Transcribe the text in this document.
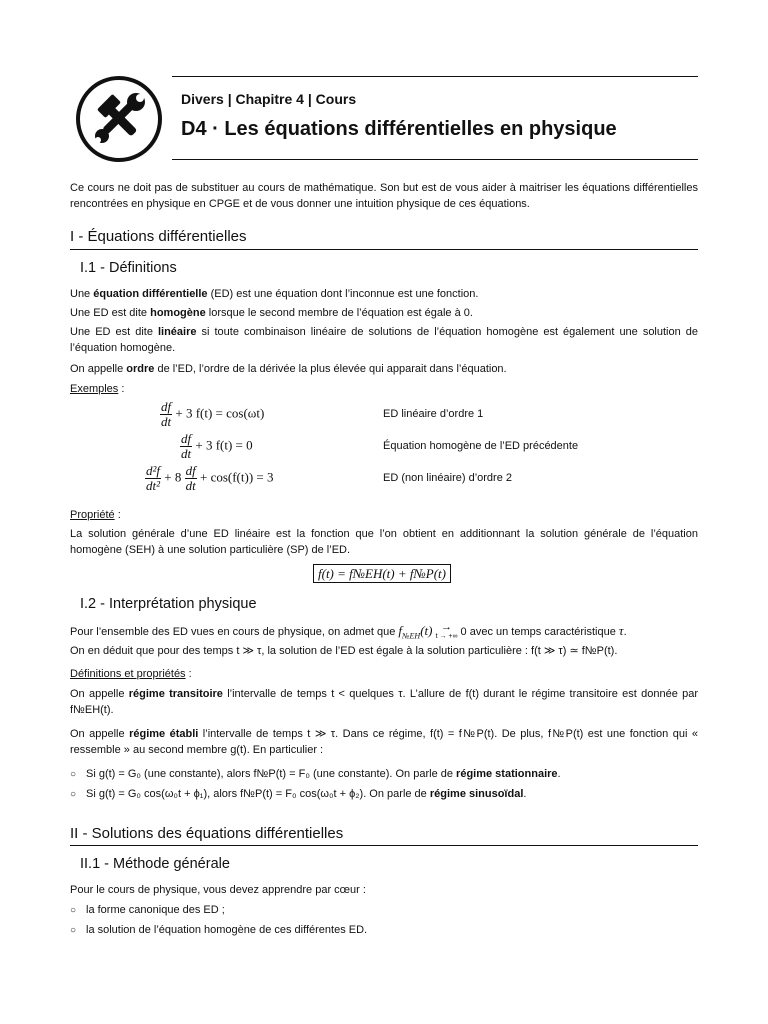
Divers | Chapitre 4 | Cours
D4 · Les équations différentielles en physique
Ce cours ne doit pas de substituer au cours de mathématique. Son but est de vous aider à maitriser les équations différentielles rencontrées en physique en CPGE et de vous donner une intuition physique de ces équations.
I - Équations différentielles
I.1 - Définitions
Une équation différentielle (ED) est une équation dont l’inconnue est une fonction.
Une ED est dite homogène lorsque le second membre de l’équation est égale à 0.
Une ED est dite linéaire si toute combinaison linéaire de solutions de l’équation homogène est également une solution de l’équation homogène.
On appelle ordre de l’ED, l’ordre de la dérivée la plus élevée qui apparait dans l’équation.
Exemples :
$\frac{df}{dt} + 3$ f(t) = cos(ωt)	ED linéaire d’ordre 1
$\frac{df}{dt} + 3$ f(t) = 0	Équation homogène de l’ED précédente
$\frac{\text{d²f}}{\text{dt²}} + 8 \frac{df}{dt} + \cos(f(t)) = 3$	ED (non linéaire) d’ordre 2
Propriété :
La solution générale d’une ED linéaire est la fonction que l’on obtient en additionnant la solution générale de l’équation homogène (SEH) à une solution particulière (SP) de l’ED.
f(t) = f№EH(t) + f№P(t)
I.2 - Interprétation physique
Pour l’ensemble des ED vues en cours de physique, on admet que $f_{№EH}(t)$ →
t → +∞ 0 avec un temps caractéristique τ.
On en déduit que pour des temps t ≫ τ, la solution de l’ED est égale à la solution particulière : f(t ≫ τ) ≃ f№P(t).
Définitions et propriétés :
On appelle régime transitoire l’intervalle de temps t < quelques τ. L’allure de f(t) durant le régime transitoire est donnée par f№EH(t).
On appelle régime établi l’intervalle de temps t ≫ τ. Dans ce régime, f(t) = f№P(t). De plus, f№P(t) est une fonction qui « ressemble » au second membre g(t). En particulier :
○ Si g(t) = G₀ (une constante), alors f№P(t) = F₀ (une constante). On parle de régime stationnaire.
○ Si g(t) = G₀ cos(ω₀t + ϕ₁), alors f№P(t) = F₀ cos(ω₀t + ϕ₂). On parle de régime sinusoïdal.
II - Solutions des équations différentielles
II.1 - Méthode générale
Pour le cours de physique, vous devez apprendre par cœur :
○ la forme canonique des ED ;
○ la solution de l’équation homogène de ces différentes ED.
